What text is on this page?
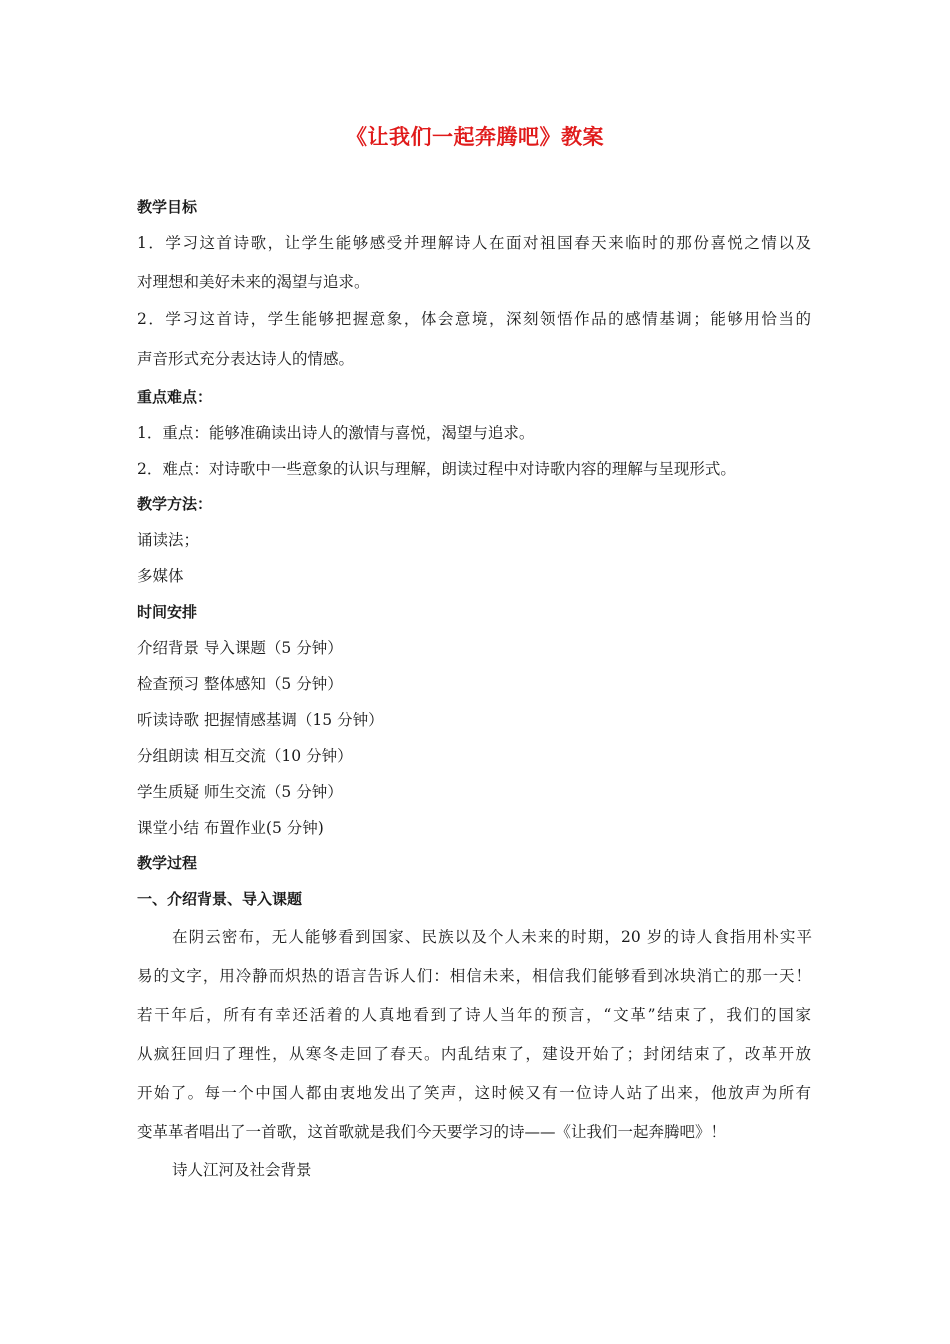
《让我们一起奔腾吧》教案
教学目标
1．学习这首诗歌，让学生能够感受并理解诗人在面对祖国春天来临时的那份喜悦之情以及
对理想和美好未来的渴望与追求。
2．学习这首诗，学生能够把握意象，体会意境，深刻领悟作品的感情基调；能够用恰当的
声音形式充分表达诗人的情感。
重点难点：
1．重点：能够准确读出诗人的激情与喜悦，渴望与追求。
2．难点：对诗歌中一些意象的认识与理解，朗读过程中对诗歌内容的理解与呈现形式。
教学方法：
诵读法；
多媒体
时间安排
介绍背景 导入课题（5 分钟）
检查预习 整体感知（5 分钟）
听读诗歌 把握情感基调（15 分钟）
分组朗读 相互交流（10 分钟）
学生质疑 师生交流（5 分钟）
课堂小结 布置作业(5 分钟)
教学过程
一、介绍背景、导入课题
在阴云密布，无人能够看到国家、民族以及个人未来的时期，20 岁的诗人食指用朴实平
易的文字，用冷静而炽热的语言告诉人们：相信未来，相信我们能够看到冰块消亡的那一天！
若干年后，所有有幸还活着的人真地看到了诗人当年的预言，“文革”结束了，我们的国家
从疯狂回归了理性，从寒冬走回了春天。内乱结束了，建设开始了；封闭结束了，改革开放
开始了。每一个中国人都由衷地发出了笑声，这时候又有一位诗人站了出来，他放声为所有
变革革者唱出了一首歌，这首歌就是我们今天要学习的诗——《让我们一起奔腾吧》！
诗人江河及社会背景
